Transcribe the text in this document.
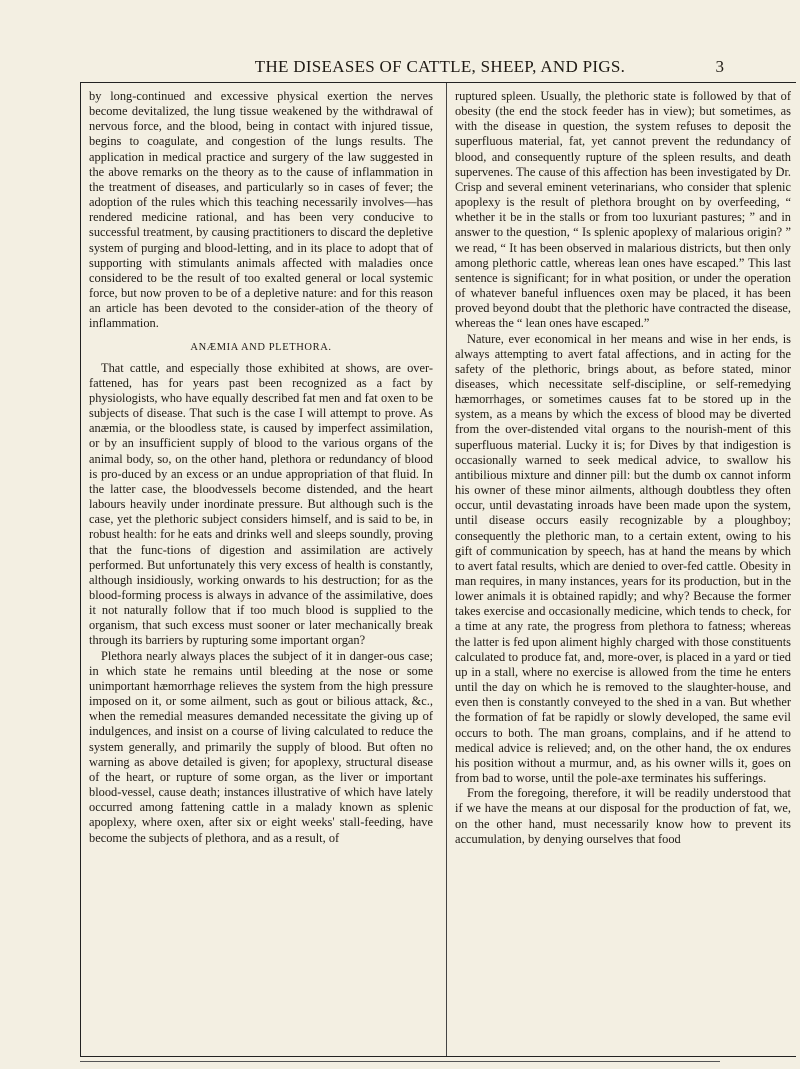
THE DISEASES OF CATTLE, SHEEP, AND PIGS.	3

by long-continued and excessive physical exertion the nerves become devitalized, the lung tissue weakened by the withdrawal of nervous force, and the blood, being in contact with injured tissue, begins to coagulate, and congestion of the lungs results. The application in medical practice and surgery of the law suggested in the above remarks on the theory as to the cause of inflammation in the treatment of diseases, and particularly so in cases of fever; the adoption of the rules which this teaching necessarily involves—has rendered medicine rational, and has been very conducive to successful treatment, by causing practitioners to discard the depletive system of purging and blood-letting, and in its place to adopt that of supporting with stimulants animals affected with maladies once considered to be the result of too exalted general or local systemic force, but now proven to be of a depletive nature: and for this reason an article has been devoted to the consider-ation of the theory of inflammation.

ANÆMIA AND PLETHORA.

That cattle, and especially those exhibited at shows, are over-fattened, has for years past been recognized as a fact by physiologists, who have equally described fat men and fat oxen to be subjects of disease. That such is the case I will attempt to prove. As anæmia, or the bloodless state, is caused by imperfect assimilation, or by an insufficient supply of blood to the various organs of the animal body, so, on the other hand, plethora or redundancy of blood is pro-duced by an excess or an undue appropriation of that fluid. In the latter case, the bloodvessels become distended, and the heart labours heavily under inordinate pressure. But although such is the case, yet the plethoric subject considers himself, and is said to be, in robust health: for he eats and drinks well and sleeps soundly, proving that the func-tions of digestion and assimilation are actively performed. But unfortunately this very excess of health is constantly, although insidiously, working onwards to his destruction; for as the blood-forming process is always in advance of the assimilative, does it not naturally follow that if too much blood is supplied to the organism, that such excess must sooner or later mechanically break through its barriers by rupturing some important organ?

Plethora nearly always places the subject of it in danger-ous case; in which state he remains until bleeding at the nose or some unimportant hæmorrhage relieves the system from the high pressure imposed on it, or some ailment, such as gout or bilious attack, &c., when the remedial measures demanded necessitate the giving up of indulgences, and insist on a course of living calculated to reduce the system generally, and primarily the supply of blood. But often no warning as above detailed is given; for apoplexy, structural disease of the heart, or rupture of some organ, as the liver or important blood-vessel, cause death; instances illustrative of which have lately occurred among fattening cattle in a malady known as splenic apoplexy, where oxen, after six or eight weeks' stall-feeding, have become the subjects of plethora, and as a result, of

ruptured spleen. Usually, the plethoric state is followed by that of obesity (the end the stock feeder has in view); but sometimes, as with the disease in question, the system refuses to deposit the superfluous material, fat, yet cannot prevent the redundancy of blood, and consequently rupture of the spleen results, and death supervenes. The cause of this affection has been investigated by Dr. Crisp and several eminent veterinarians, who consider that splenic apoplexy is the result of plethora brought on by overfeeding, “ whether it be in the stalls or from too luxuriant pastures; ” and in answer to the question, “ Is splenic apoplexy of malarious origin? ” we read, “ It has been observed in malarious districts, but then only among plethoric cattle, whereas lean ones have escaped.” This last sentence is significant; for in what position, or under the operation of whatever baneful influences oxen may be placed, it has been proved beyond doubt that the plethoric have contracted the disease, whereas the “ lean ones have escaped.”

Nature, ever economical in her means and wise in her ends, is always attempting to avert fatal affections, and in acting for the safety of the plethoric, brings about, as before stated, minor diseases, which necessitate self-discipline, or self-remedying hæmorrhages, or sometimes causes fat to be stored up in the system, as a means by which the excess of blood may be diverted from the over-distended vital organs to the nourish-ment of this superfluous material. Lucky it is; for Dives by that indigestion is occasionally warned to seek medical advice, to swallow his antibilious mixture and dinner pill: but the dumb ox cannot inform his owner of these minor ailments, although doubtless they often occur, until devastating inroads have been made upon the system, until disease occurs easily recognizable by a ploughboy; consequently the plethoric man, to a certain extent, owing to his gift of communication by speech, has at hand the means by which to avert fatal results, which are denied to over-fed cattle. Obesity in man requires, in many instances, years for its production, but in the lower animals it is obtained rapidly; and why? Because the former takes exercise and occasionally medicine, which tends to check, for a time at any rate, the progress from plethora to fatness; whereas the latter is fed upon aliment highly charged with those constituents calculated to produce fat, and, more-over, is placed in a yard or tied up in a stall, where no exercise is allowed from the time he enters until the day on which he is removed to the slaughter-house, and even then is constantly conveyed to the shed in a van. But whether the formation of fat be rapidly or slowly developed, the same evil occurs to both. The man groans, complains, and if he attend to medical advice is relieved; and, on the other hand, the ox endures his position without a murmur, and, as his owner wills it, goes on from bad to worse, until the pole-axe terminates his sufferings.

From the foregoing, therefore, it will be readily understood that if we have the means at our disposal for the production of fat, we, on the other hand, must necessarily know how to prevent its accumulation, by denying ourselves that food
